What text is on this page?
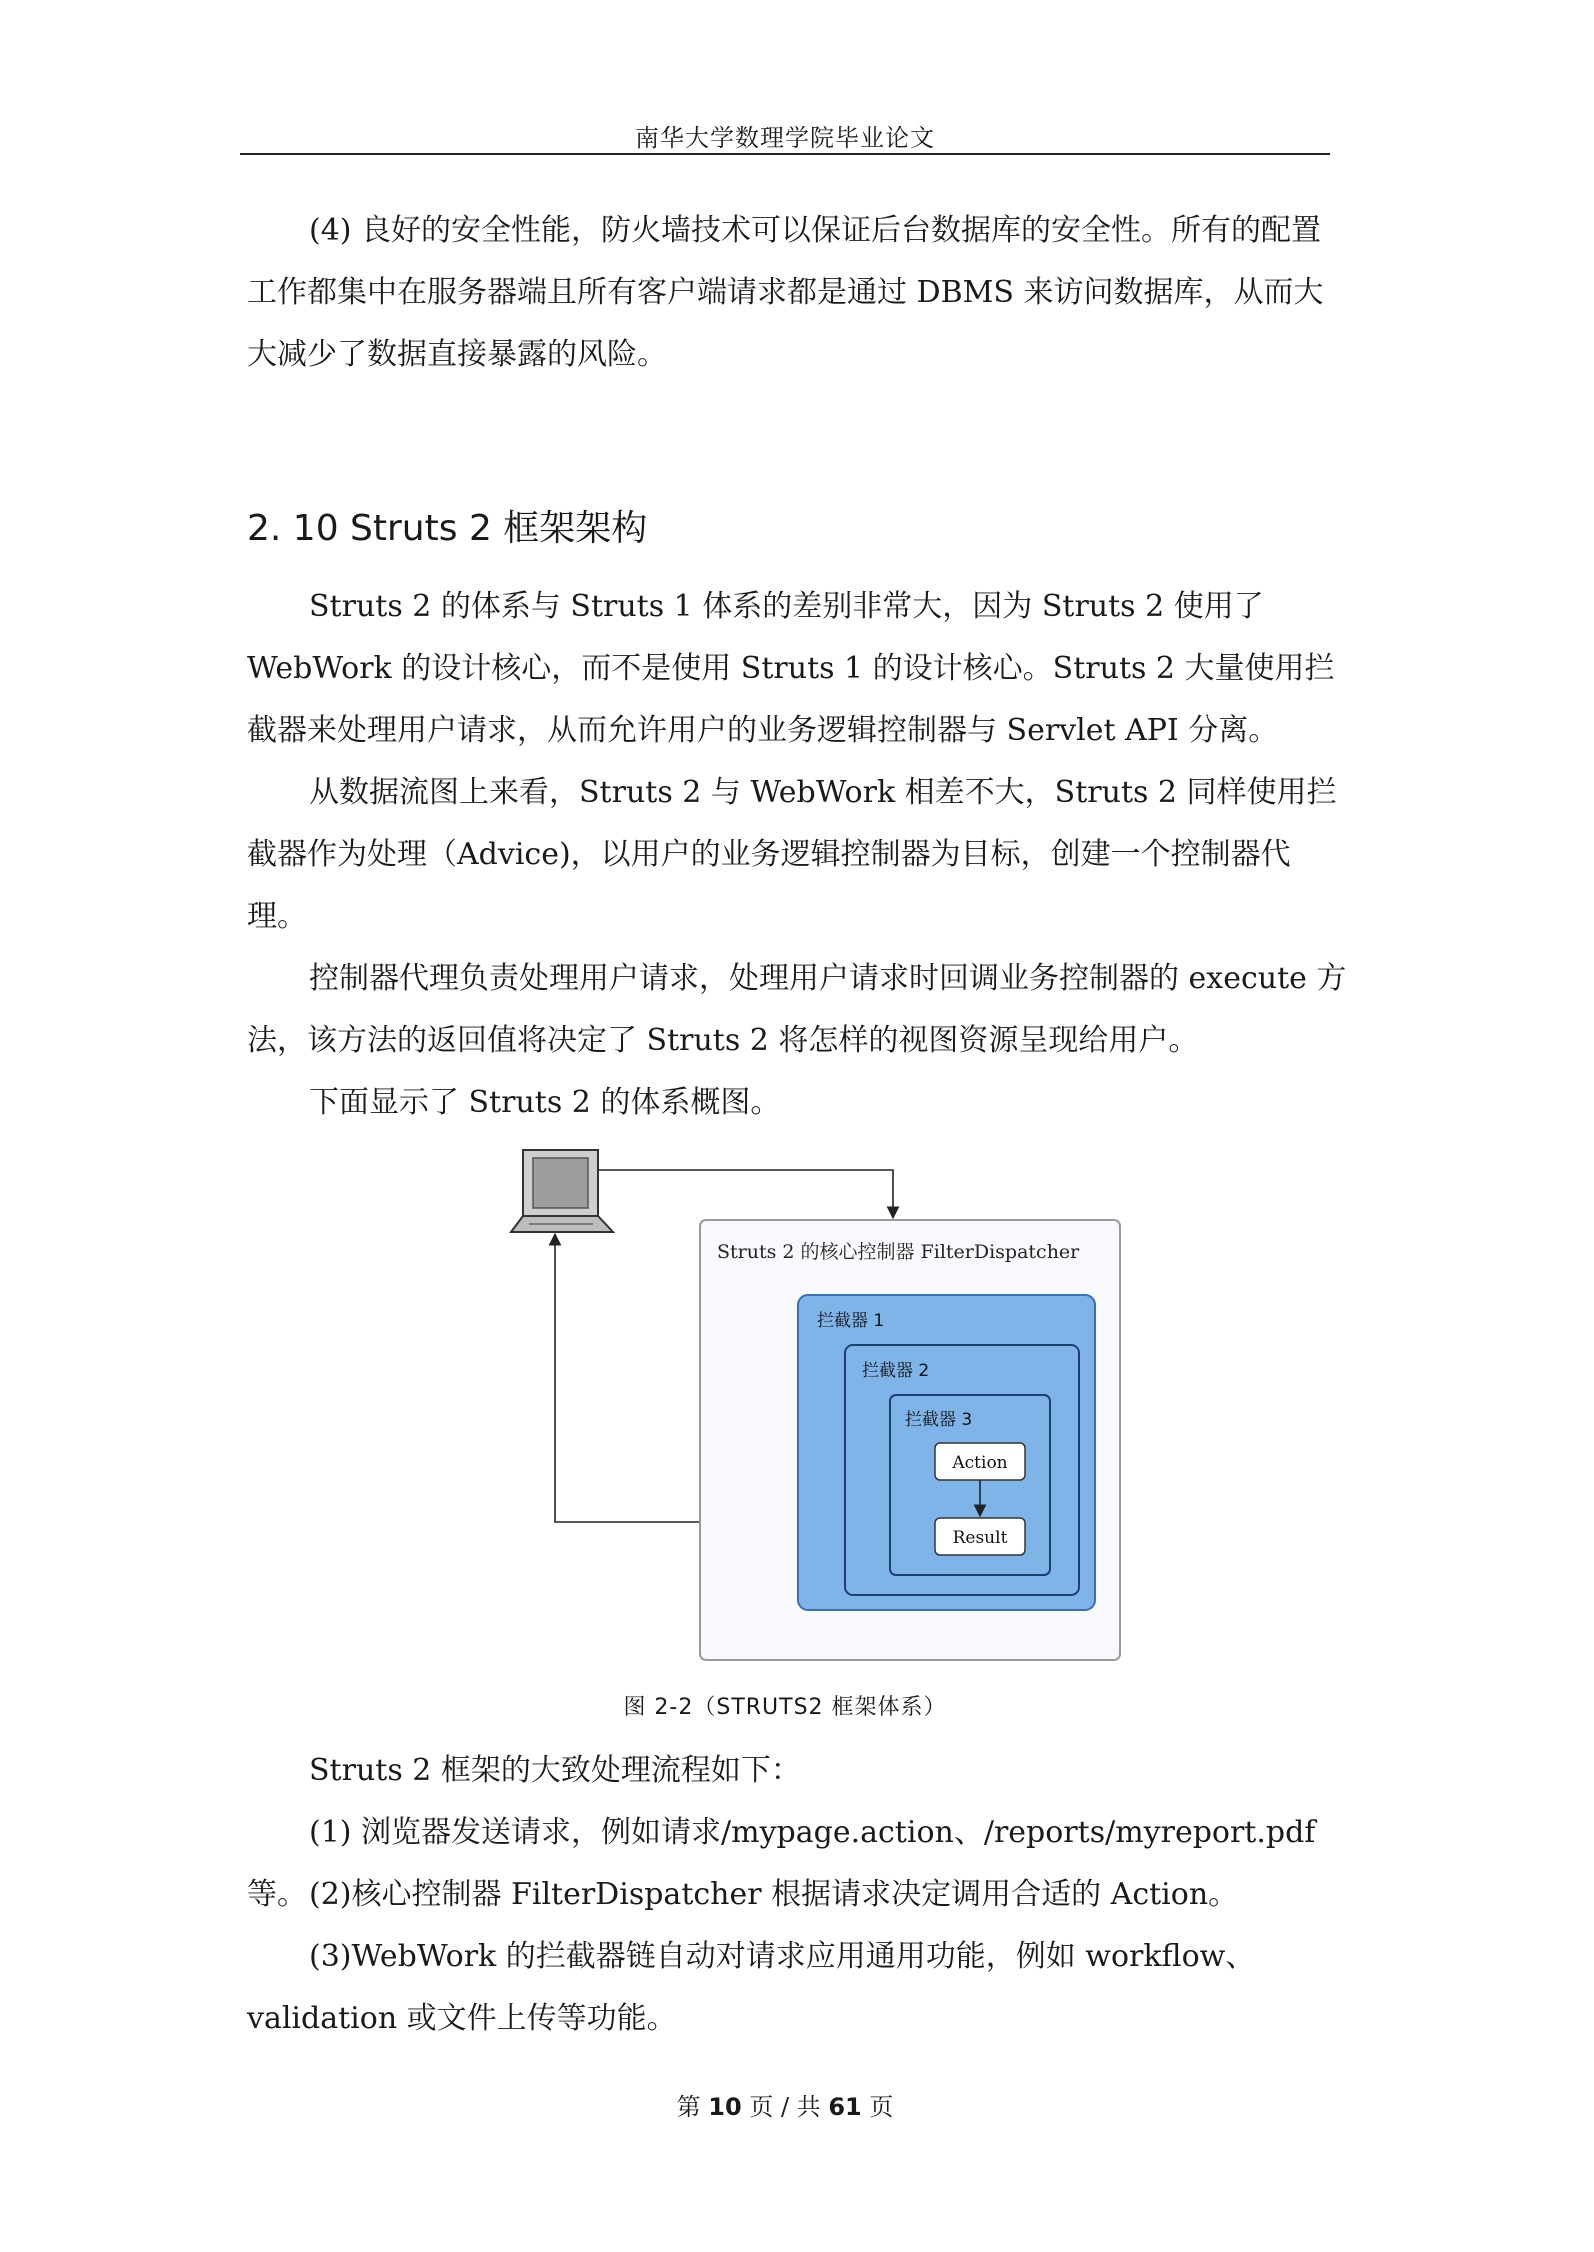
南华大学数理学院毕业论文

(4) 良好的安全性能，防火墙技术可以保证后台数据库的安全性。所有的配置工作都集中在服务器端且所有客户端请求都是通过 DBMS 来访问数据库，从而大大减少了数据直接暴露的风险。

2. 10 Struts 2 框架架构

Struts 2 的体系与 Struts 1 体系的差别非常大，因为 Struts 2 使用了 WebWork 的设计核心，而不是使用 Struts 1 的设计核心。Struts 2 大量使用拦截器来处理用户请求，从而允许用户的业务逻辑控制器与 Servlet API 分离。

从数据流图上来看，Struts 2 与 WebWork 相差不大，Struts 2 同样使用拦截器作为处理（Advice)，以用户的业务逻辑控制器为目标，创建一个控制器代理。

控制器代理负责处理用户请求，处理用户请求时回调业务控制器的 execute 方法，该方法的返回值将决定了 Struts 2 将怎样的视图资源呈现给用户。

下面显示了 Struts 2 的体系概图。

Struts 2 的核心控制器 FilterDispatcher
拦截器 1
拦截器 2
拦截器 3
Action
Result
图 2-2（STRUTS2 框架体系）

Struts 2 框架的大致处理流程如下：

(1) 浏览器发送请求，例如请求/mypage.action、/reports/myreport.pdf 等。 (2)核心控制器 FilterDispatcher 根据请求决定调用合适的 Action。

(3)WebWork 的拦截器链自动对请求应用通用功能，例如 workflow、validation 或文件上传等功能。

第 10 页 / 共 61 页
